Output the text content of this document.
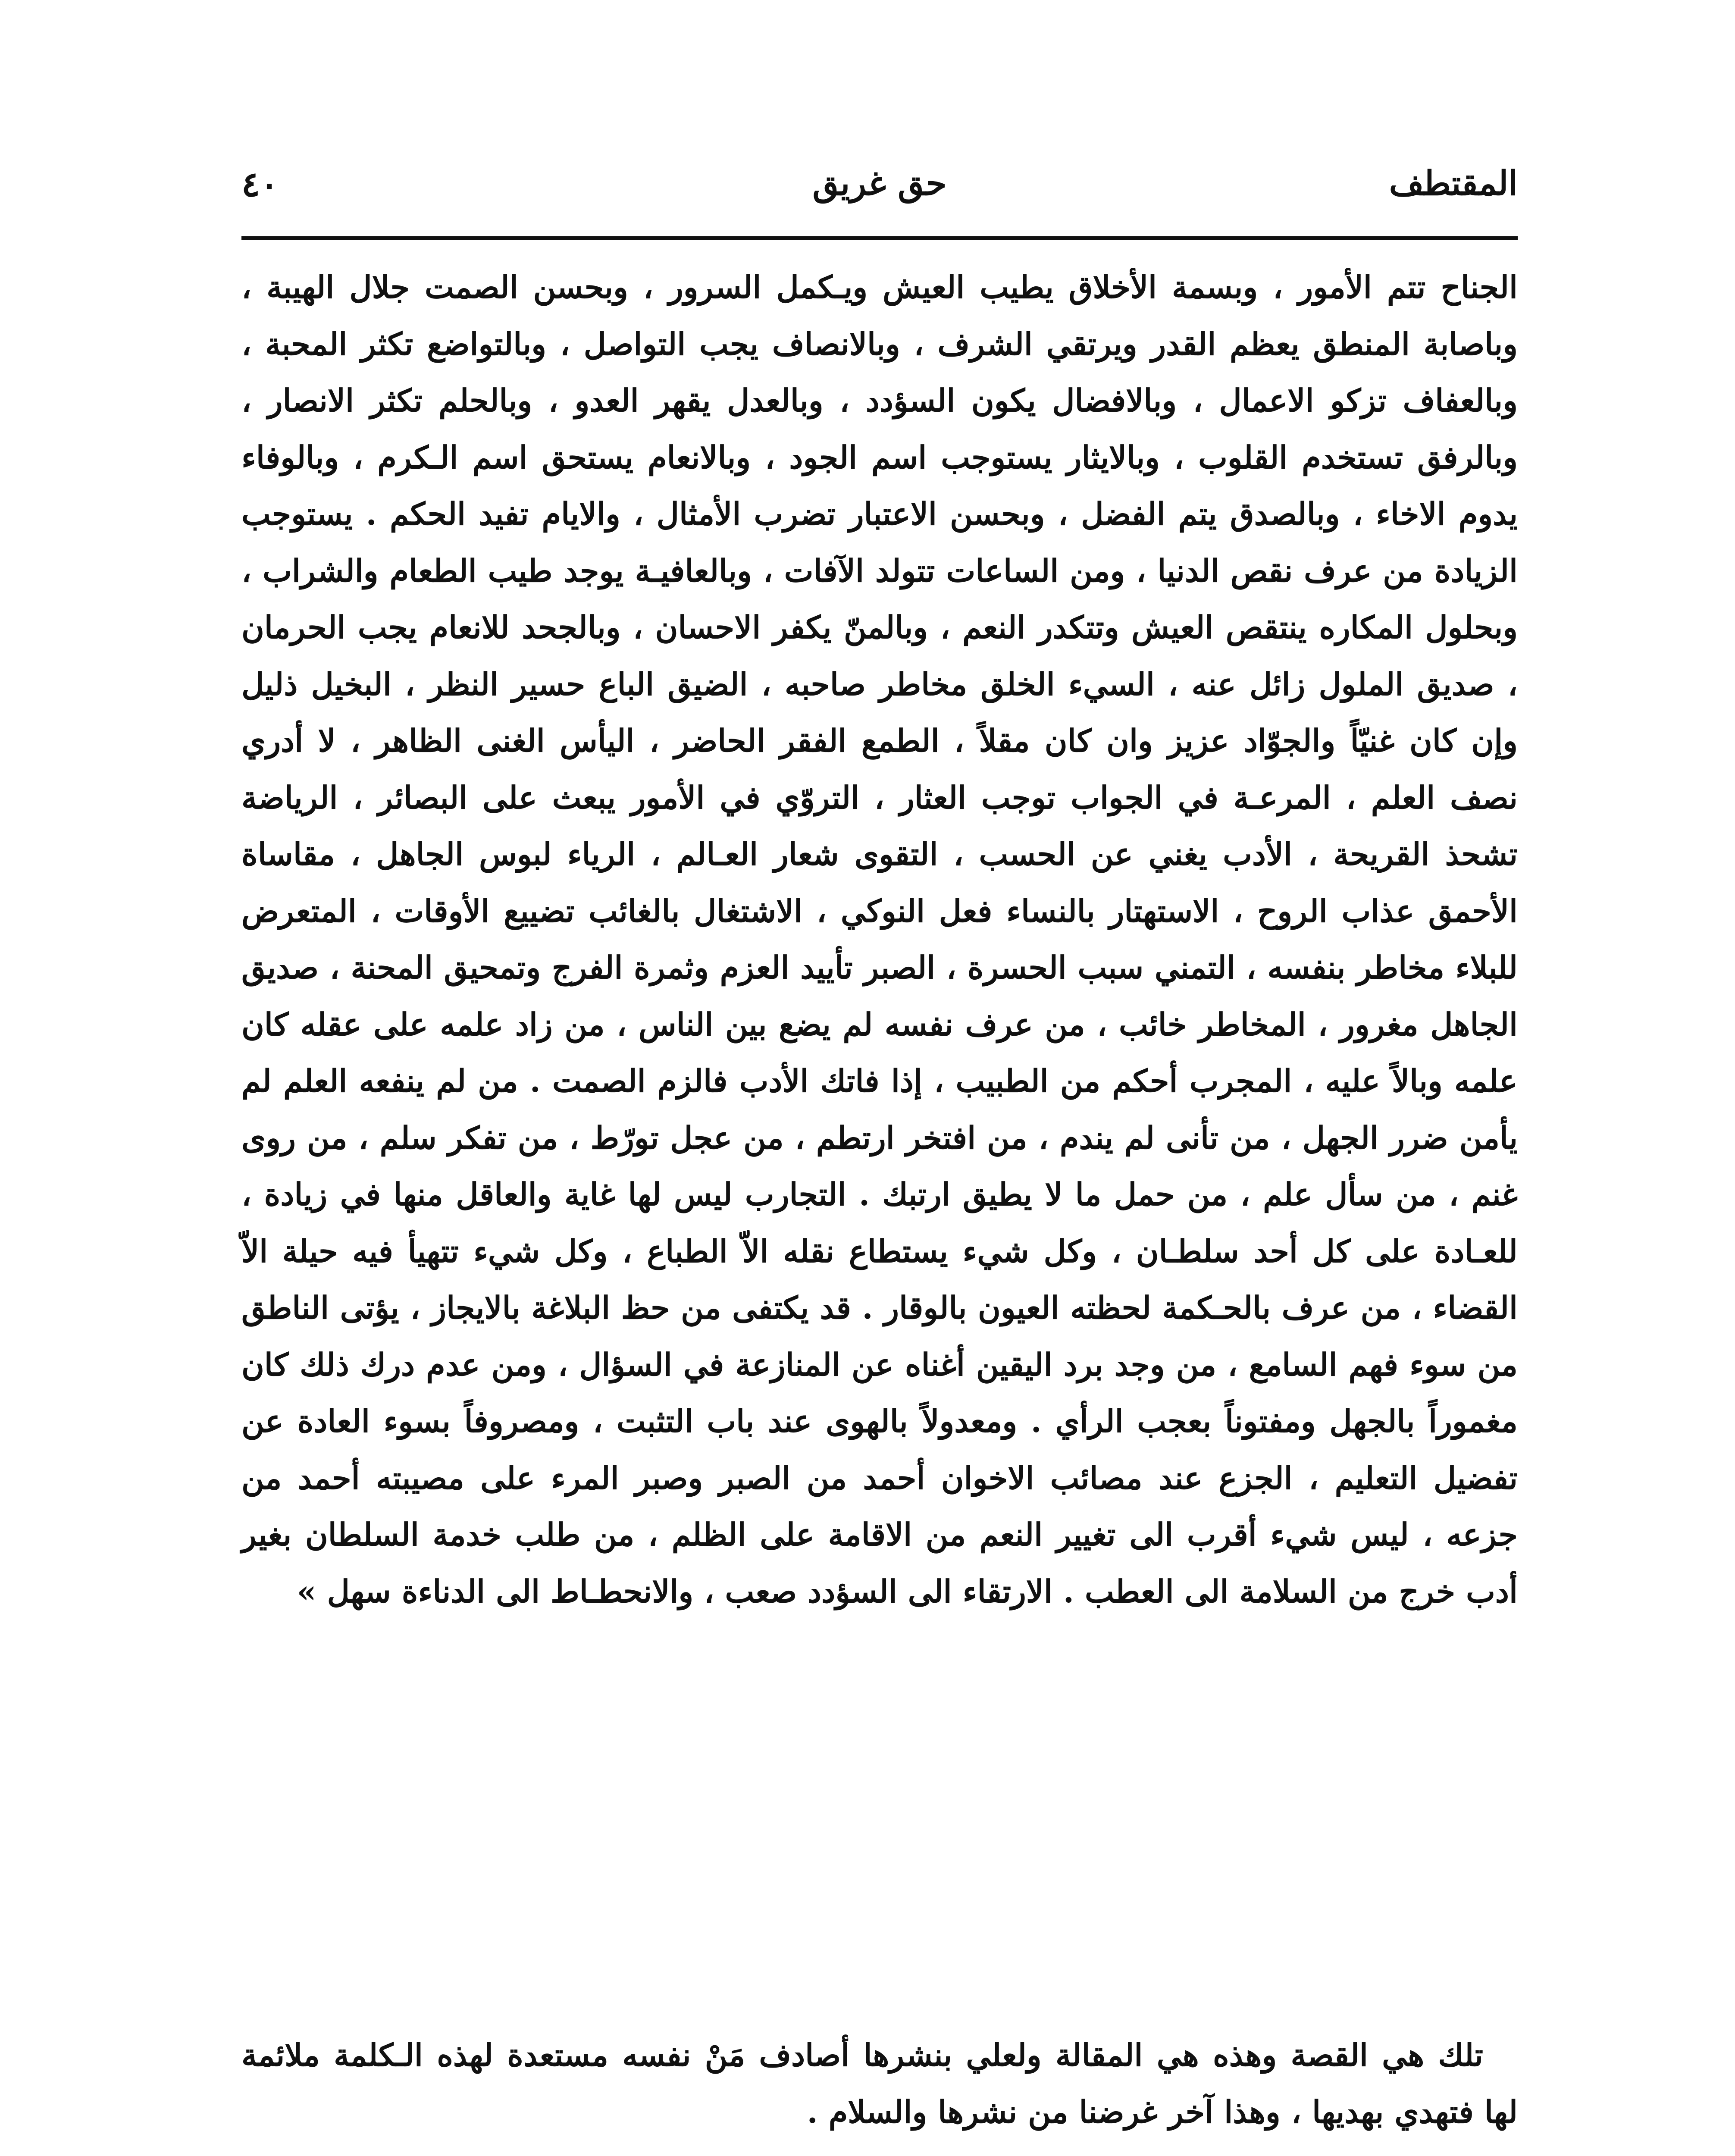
المقتطف
حق غريق
٤٠
الجناح تتم الأمور ، وبسمة الأخلاق يطيب العيش ويـكمل السرور ، وبحسن الصمت جلال الهيبة ، وباصابة المنطق يعظم القدر ويرتقي الشرف ، وبالانصاف يجب التواصل ، وبالتواضع تكثر المحبة ، وبالعفاف تزكو الاعمال ، وبالافضال يكون السؤدد ، وبالعدل يقهر العدو ، وبالحلم تكثر الانصار ، وبالرفق تستخدم القلوب ، وبالايثار يستوجب اسم الجود ، وبالانعام يستحق اسم الـكرم ، وبالوفاء يدوم الاخاء ، وبالصدق يتم الفضل ، وبحسن الاعتبار تضرب الأمثال ، والايام تفيد الحكم . يستوجب الزيادة من عرف نقص الدنيا ، ومن الساعات تتولد الآفات ، وبالعافيـة يوجد طيب الطعام والشراب ، وبحلول المكاره ينتقص العيش وتتكدر النعم ، وبالمنّ يكفر الاحسان ، وبالجحد للانعام يجب الحرمان ، صديق الملول زائل عنه ، السيء الخلق مخاطر صاحبه ، الضيق الباع حسير النظر ، البخيل ذليل وإن كان غنيّاً والجوّاد عزيز وان كان مقلاً ، الطمع الفقر الحاضر ، اليأس الغنى الظاهر ، لا أدري نصف العلم ، المرعـة في الجواب توجب العثار ، التروّي في الأمور يبعث على البصائر ، الرياضة تشحذ القريحة ، الأدب يغني عن الحسب ، التقوى شعار العـالم ، الرياء لبوس الجاهل ، مقاساة الأحمق عذاب الروح ، الاستهتار بالنساء فعل النوكي ، الاشتغال بالغائب تضييع الأوقات ، المتعرض للبلاء مخاطر بنفسه ، التمني سبب الحسرة ، الصبر تأييد العزم وثمرة الفرج وتمحيق المحنة ، صديق الجاهل مغرور ، المخاطر خائب ، من عرف نفسه لم يضع بين الناس ، من زاد علمه على عقله كان علمه وبالاً عليه ، المجرب أحكم من الطبيب ، إذا فاتك الأدب فالزم الصمت . من لم ينفعه العلم لم يأمن ضرر الجهل ، من تأنى لم يندم ، من افتخر ارتطم ، من عجل تورّط ، من تفكر سلم ، من روى غنم ، من سأل علم ، من حمل ما لا يطيق ارتبك . التجارب ليس لها غاية والعاقل منها في زيادة ، للعـادة على كل أحد سلطـان ، وكل شيء يستطاع نقله الاّ الطباع ، وكل شيء تتهيأ فيه حيلة الاّ القضاء ، من عرف بالحـكمة لحظته العيون بالوقار . قد يكتفى من حظ البلاغة بالايجاز ، يؤتى الناطق من سوء فهم السامع ، من وجد برد اليقين أغناه عن المنازعة في السؤال ، ومن عدم درك ذلك كان مغموراً بالجهل ومفتوناً بعجب الرأي . ومعدولاً بالهوى عند باب التثبت ، ومصروفاً بسوء العادة عن تفضيل التعليم ، الجزع عند مصائب الاخوان أحمد من الصبر وصبر المرء على مصيبته أحمد من جزعه ، ليس شيء أقرب الى تغيير النعم من الاقامة على الظلم ، من طلب خدمة السلطان بغير أدب خرج من السلامة الى العطب . الارتقاء الى السؤدد صعب ، والانحطـاط الى الدناءة سهل »
تلك هي القصة وهذه هي المقالة ولعلي بنشرها أصادف مَنْ نفسه مستعدة لهذه الـكلمة ملائمة لها فتهدي بهديها ، وهذا آخر غرضنا من نشرها والسلام .
